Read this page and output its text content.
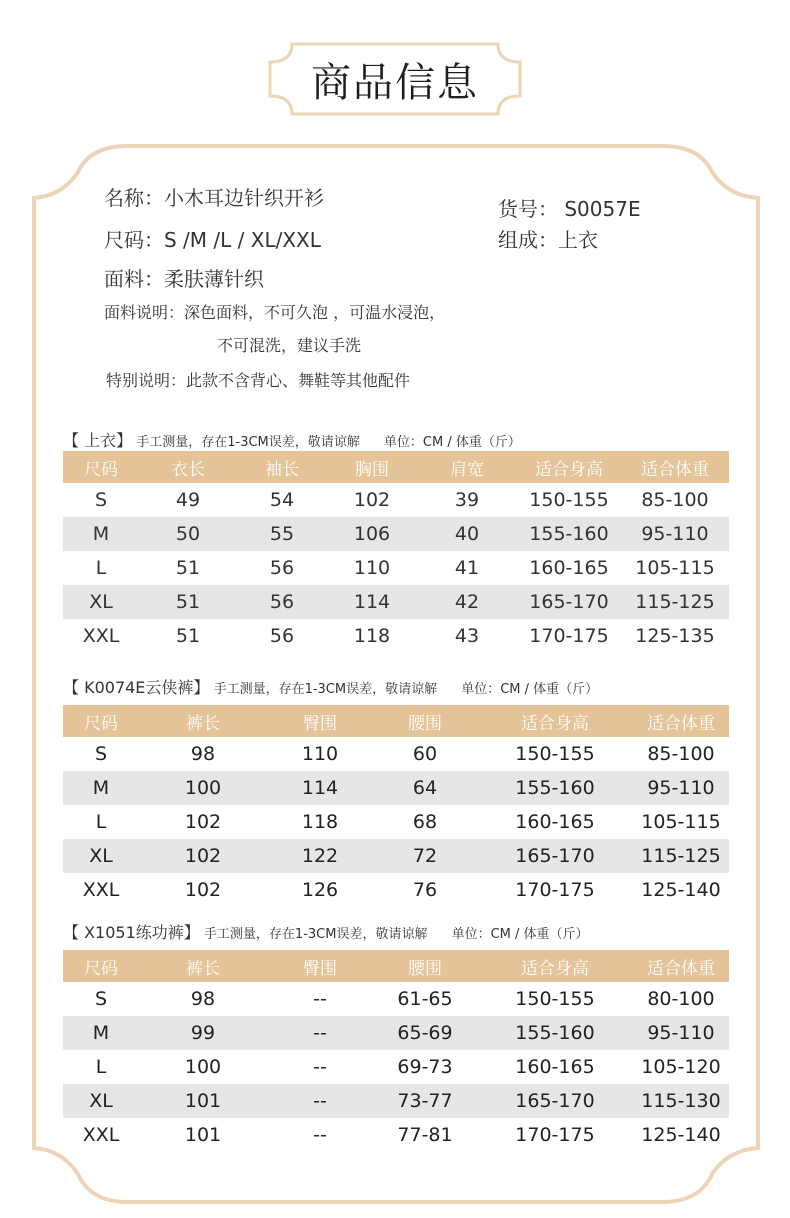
商品信息
名称：小木耳边针织开衫
尺码：S /M /L / XL/XXL
面料：柔肤薄针织
货号： S0057E
组成：上衣
面料说明：深色面料，不可久泡 ，可温水浸泡，
不可混洗，建议手洗
特别说明：此款不含背心、舞鞋等其他配件
【 上衣】 手工测量，存在1-3CM误差，敬请谅解 单位：CM / 体重（斤）
尺码	衣长	袖长	胸围	肩宽	适合身高	适合体重
S	49	54	102	39	150-155	85-100
M	50	55	106	40	155-160	95-110
L	51	56	110	41	160-165	105-115
XL	51	56	114	42	165-170	115-125
XXL	51	56	118	43	170-175	125-135
【 K0074E云侠裤】 手工测量，存在1-3CM误差，敬请谅解 单位：CM / 体重（斤）
尺码	裤长	臀围	腰围	适合身高	适合体重
S	98	110	60	150-155	85-100
M	100	114	64	155-160	95-110
L	102	118	68	160-165	105-115
XL	102	122	72	165-170	115-125
XXL	102	126	76	170-175	125-140
【 X1051练功裤】 手工测量，存在1-3CM误差，敬请谅解 单位：CM / 体重（斤）
尺码	裤长	臀围	腰围	适合身高	适合体重
S	98	--	61-65	150-155	80-100
M	99	--	65-69	155-160	95-110
L	100	--	69-73	160-165	105-120
XL	101	--	73-77	165-170	115-130
XXL	101	--	77-81	170-175	125-140
